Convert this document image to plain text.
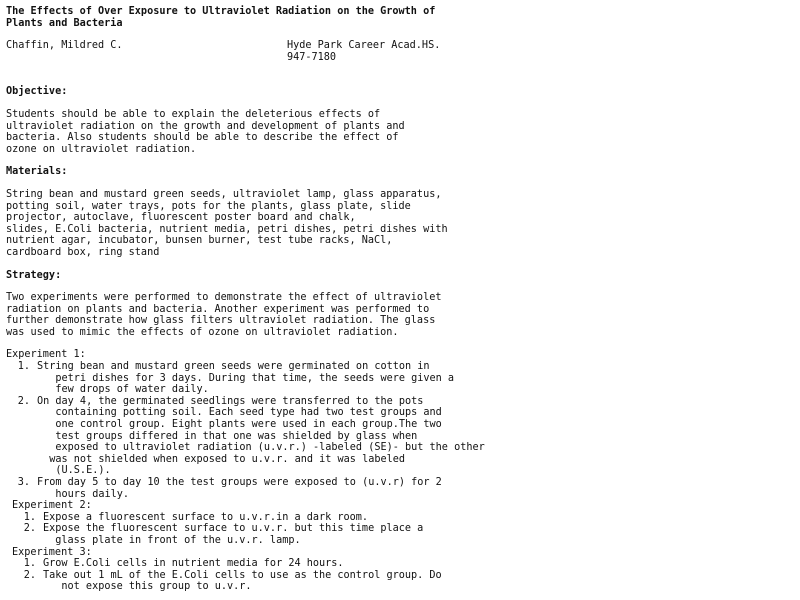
The Effects of Over Exposure to Ultraviolet Radiation on the Growth of
Plants and Bacteria
Chaffin, Mildred C.	Hyde Park Career Acad.HS.
947-7180
Objective:
Students should be able to explain the deleterious effects of
ultraviolet radiation on the growth and development of plants and
bacteria. Also students should be able to describe the effect of
ozone on ultraviolet radiation.
Materials:
String bean and mustard green seeds, ultraviolet lamp, glass apparatus,
potting soil, water trays, pots for the plants, glass plate, slide
projector, autoclave, fluorescent poster board and chalk,
slides, E.Coli bacteria, nutrient media, petri dishes, petri dishes with
nutrient agar, incubator, bunsen burner, test tube racks, NaCl,
cardboard box, ring stand
Strategy:
Two experiments were performed to demonstrate the effect of ultraviolet
radiation on plants and bacteria. Another experiment was performed to
further demonstrate how glass filters ultraviolet radiation. The glass
was used to mimic the effects of ozone on ultraviolet radiation.
Experiment 1:
1. String bean and mustard green seeds were germinated on cotton in
petri dishes for 3 days. During that time, the seeds were given a
few drops of water daily.
2. On day 4, the germinated seedlings were transferred to the pots
containing potting soil. Each seed type had two test groups and
one control group. Eight plants were used in each group.The two
test groups differed in that one was shielded by glass when
exposed to ultraviolet radiation (u.v.r.) -labeled (SE)- but the other
was not shielded when exposed to u.v.r. and it was labeled
(U.S.E.).
3. From day 5 to day 10 the test groups were exposed to (u.v.r) for 2
hours daily.
Experiment 2:
1. Expose a fluorescent surface to u.v.r.in a dark room.
2. Expose the fluorescent surface to u.v.r. but this time place a
glass plate in front of the u.v.r. lamp.
Experiment 3:
1. Grow E.Coli cells in nutrient media for 24 hours.
2. Take out 1 mL of the E.Coli cells to use as the control group. Do
not expose this group to u.v.r.
